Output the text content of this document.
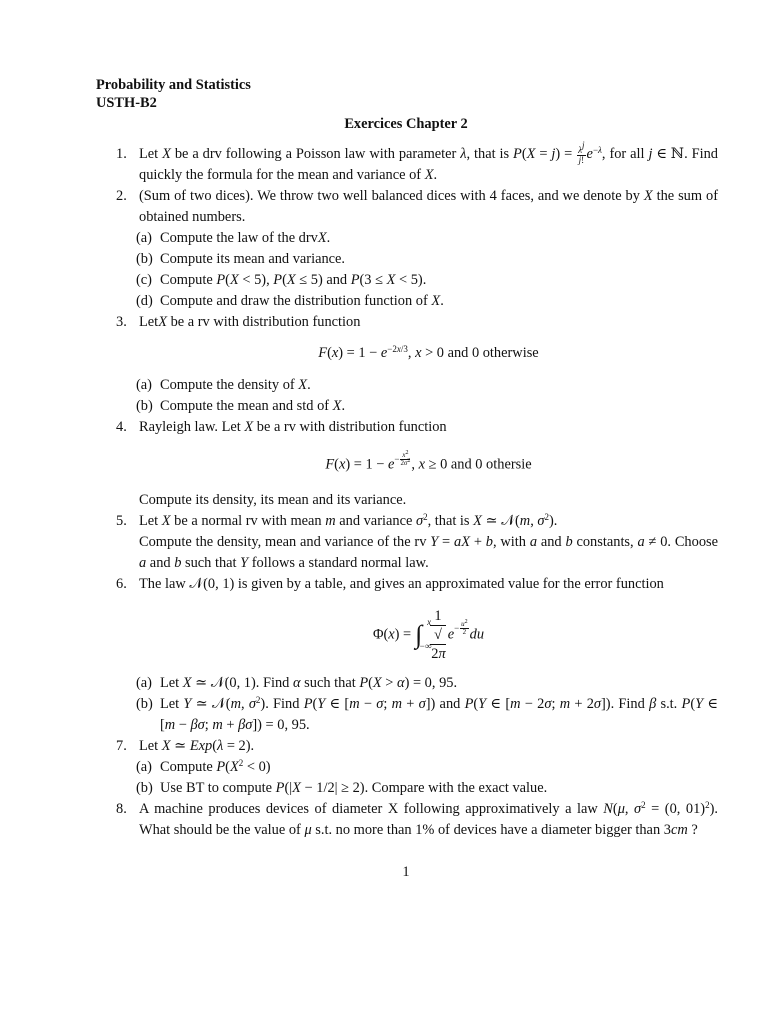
Probability and Statistics
USTH-B2
Exercices Chapter 2
1. Let X be a drv following a Poisson law with parameter λ, that is $P(X = j) = \frac{\lambda^j}{j!} e^{-\lambda}$, for all j ∈ ℕ. Find quickly the formula for the mean and variance of X.
2. (Sum of two dices). We throw two well balanced dices with 4 faces, and we denote by X the sum of obtained numbers.
(a) Compute the law of the drvX.
(b) Compute its mean and variance.
(c) Compute P(X < 5), P(X ≤ 5) and P(3 ≤ X < 5).
(d) Compute and draw the distribution function of X.
3. LetX be a rv with distribution function
$F(x) = 1 - e^{-2x/3}$, x > 0 and 0 otherwise
(a) Compute the density of X.
(b) Compute the mean and std of X.
4. Rayleigh law. Let X be a rv with distribution function
$F(x) = 1 - e^{- \frac{x^2}{2\sigma^2}}$ , x ≥ 0 and 0 othersie
Compute its density, its mean and its variance.
5. Let X be a normal rv with mean m and variance $\sigma^2$, that is X ≃ 𝒩(m, $\sigma^2$).
Compute the density, mean and variance of the rv Y = aX + b, with a and b constants, a ≠ 0. Choose a and b such that Y follows a standard normal law.
6. The law 𝒩(0, 1) is given by a table, and gives an approximated value for the error function
Φ(x) = ∫ x
−∞
1
√
2π $e^{- \frac{u^2}{2}}$ du
(a) Let X ≃ 𝒩(0, 1). Find α such that P(X > α) = 0, 95.
(b) Let Y ≃ 𝒩(m, $\sigma^2$). Find P(Y ∈ [m − σ; m + σ]) and P(Y ∈ [m − 2σ; m + 2σ]). Find β s.t. P(Y ∈ [m − βσ; m + βσ]) = 0, 95.
7. Let X ≃ Exp(λ = 2).
(a) Compute $P(X^2 < 0)$
(b) Use BT to compute P(|X − 1/2| ≥ 2). Compare with the exact value.
8. A machine produces devices of diameter X following approximatively a law N(μ, $\sigma^2 = (0$, 01)$^2$). What should be the value of μ s.t. no more than 1% of devices have a diameter bigger than 3cm ?
1
